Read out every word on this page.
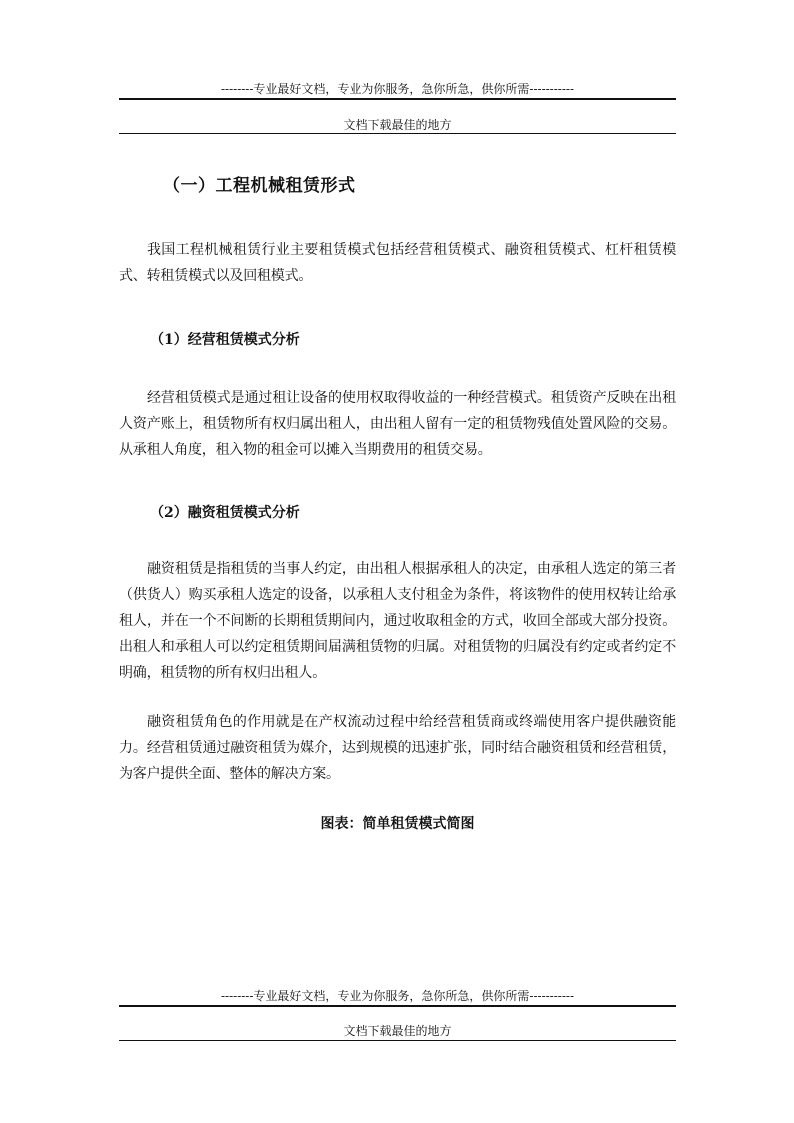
--------专业最好文档，专业为你服务，急你所急，供你所需-----------
文档下载最佳的地方
（一）工程机械租赁形式
我国工程机械租赁行业主要租赁模式包括经营租赁模式、融资租赁模式、杠杆租赁模式、转租赁模式以及回租模式。
（1）经营租赁模式分析
经营租赁模式是通过租让设备的使用权取得收益的一种经营模式。租赁资产反映在出租人资产账上，租赁物所有权归属出租人，由出租人留有一定的租赁物残值处置风险的交易。从承租人角度，租入物的租金可以摊入当期费用的租赁交易。
（2）融资租赁模式分析
融资租赁是指租赁的当事人约定，由出租人根据承租人的决定，由承租人选定的第三者（供货人）购买承租人选定的设备，以承租人支付租金为条件，将该物件的使用权转让给承租人，并在一个不间断的长期租赁期间内，通过收取租金的方式，收回全部或大部分投资。出租人和承租人可以约定租赁期间届满租赁物的归属。对租赁物的归属没有约定或者约定不明确，租赁物的所有权归出租人。
融资租赁角色的作用就是在产权流动过程中给经营租赁商或终端使用客户提供融资能力。经营租赁通过融资租赁为媒介，达到规模的迅速扩张，同时结合融资租赁和经营租赁，为客户提供全面、整体的解决方案。
图表：简单租赁模式简图
--------专业最好文档，专业为你服务，急你所急，供你所需-----------
文档下载最佳的地方
